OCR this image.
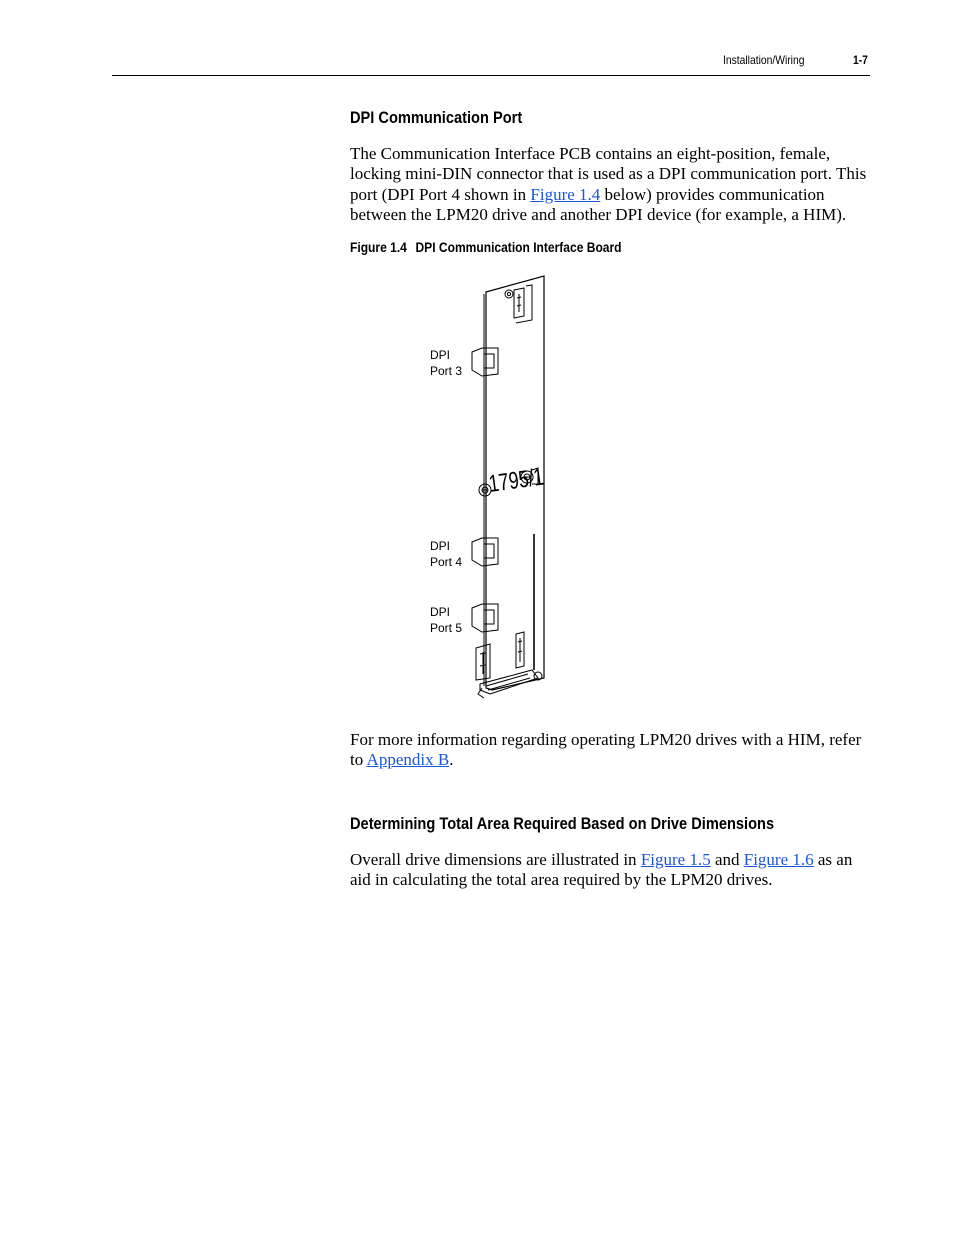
Installation/Wiring	1-7
DPI Communication Port
The Communication Interface PCB contains an eight-position, female, locking mini-DIN connector that is used as a DPI communication port. This port (DPI Port 4 shown in Figure 1.4 below) provides communication between the LPM20 drive and another DPI device (for example, a HIM).
Figure 1.4 DPI Communication Interface Board
DPI
Port 3
DPI
Port 4
DPI
Port 5
1795/1
For more information regarding operating LPM20 drives with a HIM, refer to Appendix B.
Determining Total Area Required Based on Drive Dimensions
Overall drive dimensions are illustrated in Figure 1.5 and Figure 1.6 as an aid in calculating the total area required by the LPM20 drives.
